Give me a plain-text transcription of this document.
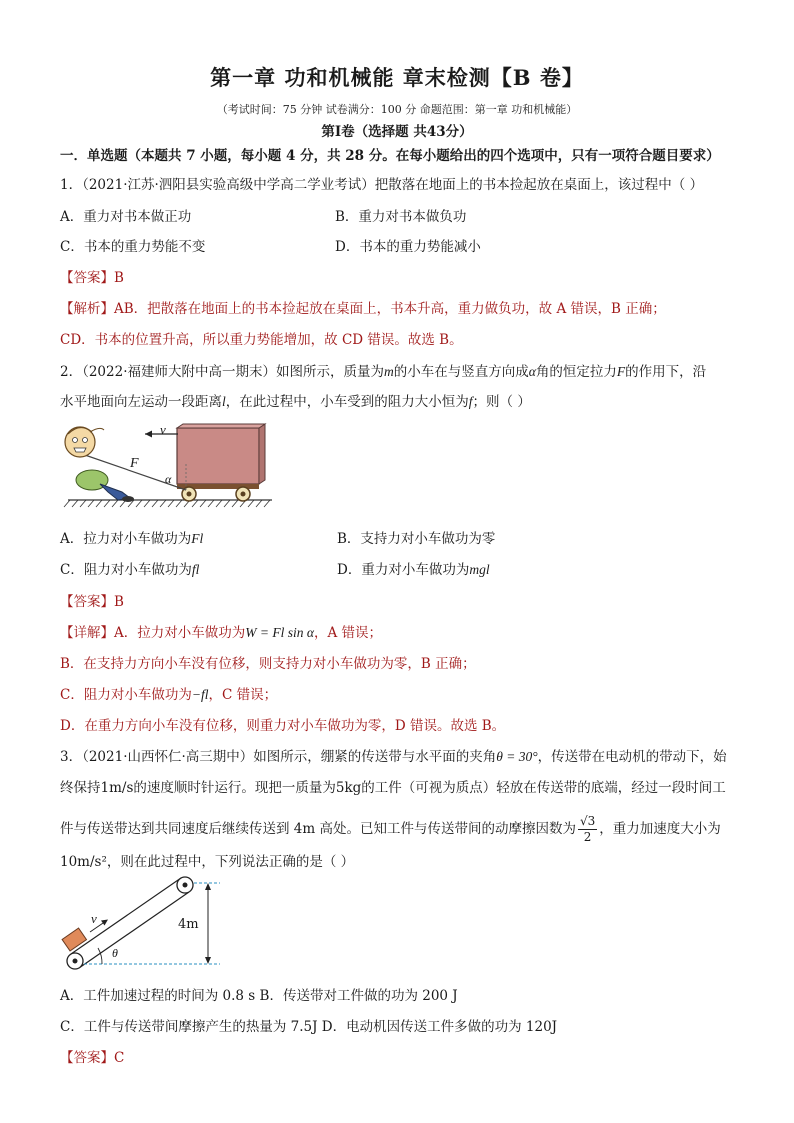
第一章 功和机械能 章末检测【B 卷】
（考试时间：75 分钟 试卷满分：100 分 命题范围：第一章 功和机械能）
第Ⅰ卷（选择题 共43分）
一．单选题（本题共 7 小题，每小题 4 分，共 28 分。在每小题给出的四个选项中，只有一项符合题目要求）
1．（2021·江苏·泗阳县实验高级中学高二学业考试）把散落在地面上的书本捡起放在桌面上，该过程中（ ）
A．重力对书本做正功	B．重力对书本做负功
C．书本的重力势能不变	D．书本的重力势能减小
【答案】B
【解析】AB．把散落在地面上的书本捡起放在桌面上，书本升高，重力做负功，故 A 错误，B 正确；
CD．书本的位置升高，所以重力势能增加，故 CD 错误。故选 B。
2．（2022·福建师大附中高一期末）如图所示，质量为m的小车在与竖直方向成α角的恒定拉力F的作用下，沿
水平地面向左运动一段距离l，在此过程中，小车受到的阻力大小恒为f；则（ ）
v
F
α
A．拉力对小车做功为Fl	B．支持力对小车做功为零
C．阻力对小车做功为fl	D．重力对小车做功为mgl
【答案】B
【详解】A．拉力对小车做功为W = Fl sin α，A 错误；
B．在支持力方向小车没有位移，则支持力对小车做功为零，B 正确；
C．阻力对小车做功为−fl，C 错误；
D．在重力方向小车没有位移，则重力对小车做功为零，D 错误。故选 B。
3．（2021·山西怀仁·高三期中）如图所示，绷紧的传送带与水平面的夹角θ = 30°，传送带在电动机的带动下，始
终保持1m/s的速度顺时针运行。现把一质量为5kg的工件（可视为质点）轻放在传送带的底端，经过一段时间工
件与传送带达到共同速度后继续传送到 4m 高处。已知工件与传送带间的动摩擦因数为 $\frac{√3}{2}$ ，重力加速度大小为
10m/s²，则在此过程中，下列说法正确的是（ ）
v	4m
θ
A．工件加速过程的时间为 0.8 s B．传送带对工件做的功为 200 J
C．工件与传送带间摩擦产生的热量为 7.5J D．电动机因传送工件多做的功为 120J
【答案】C
